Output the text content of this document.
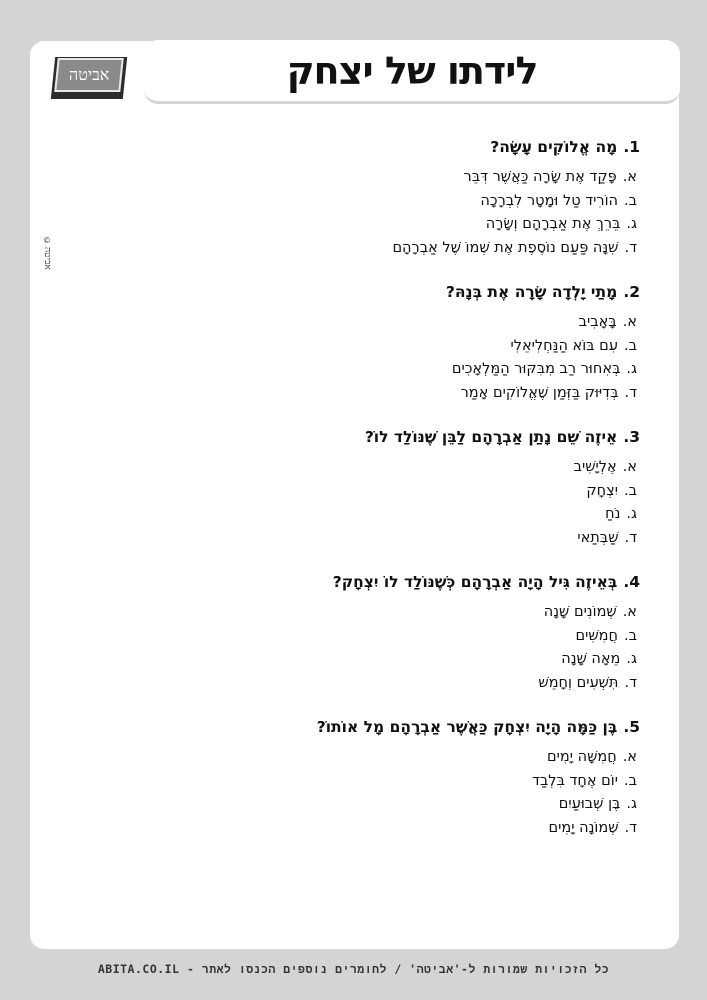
לידתו של יצחק
אביטה
©
אביטה
1.מָה אֱלוֹקִים עָשָׂה?
א.פָּקַד אֶת שָׂרָה כַּאֲשֶׁר דִּבֵּר
ב.הוֹרִיד טַל וּמָטָר לִבְרָכָה
ג.בֵּרֵךְ אֶת אַבְרָהָם וְשָׂרָה
ד.שִׁנָּה פַּעַם נוֹסֶפֶת אֶת שְׁמוֹ שֶׁל אַבְרָהָם
2.מָתַי יָלְדָה שָׂרָה אֶת בְּנָהּ?
א.בָּאָבִיב
ב.עִם בּוֹא הַנַּחְלִיאֵלִי
ג.בְּאִחוּר רַב מִבִּקּוּר הַמַּלְאָכִים
ד.בְּדִיּוּק בַּזְּמַן שֶׁאֱלוֹקִים אָמַר
3.אֵיזֶה שֵׁם נָתַן אַבְרָהָם לַבֵּן שֶׁנּוֹלַד לוֹ?
א.אֶלְיָשִׁיב
ב.יִצְחָק
ג.נֹחַ
ד.שַׁבְּתַאי
4.בְּאֵיזֶה גִּיל הָיָה אַבְרָהָם כְּשֶׁנּוֹלַד לוֹ יִצְחָק?
א.שְׁמוֹנִים שָׁנָה
ב.חֲמִשִּׁים
ג.מֵאָה שָׁנָה
ד.תִּשְׁעִים וְחָמֵשׁ
5.בֶּן כַּמָּה הָיָה יִצְחָק כַּאֲשֶׁר אַבְרָהָם מָל אוֹתוֹ?
א.חֲמִשָּׁה יָמִים
ב.יוֹם אֶחָד בִּלְבַד
ג.בֶּן שְׁבוּעַיִם
ד.שְׁמוֹנָה יָמִים
כל הזכויות שמורות ל-'אביטה' / לחומרים נוספים הכנסו לאתר - ABITA.CO.IL
